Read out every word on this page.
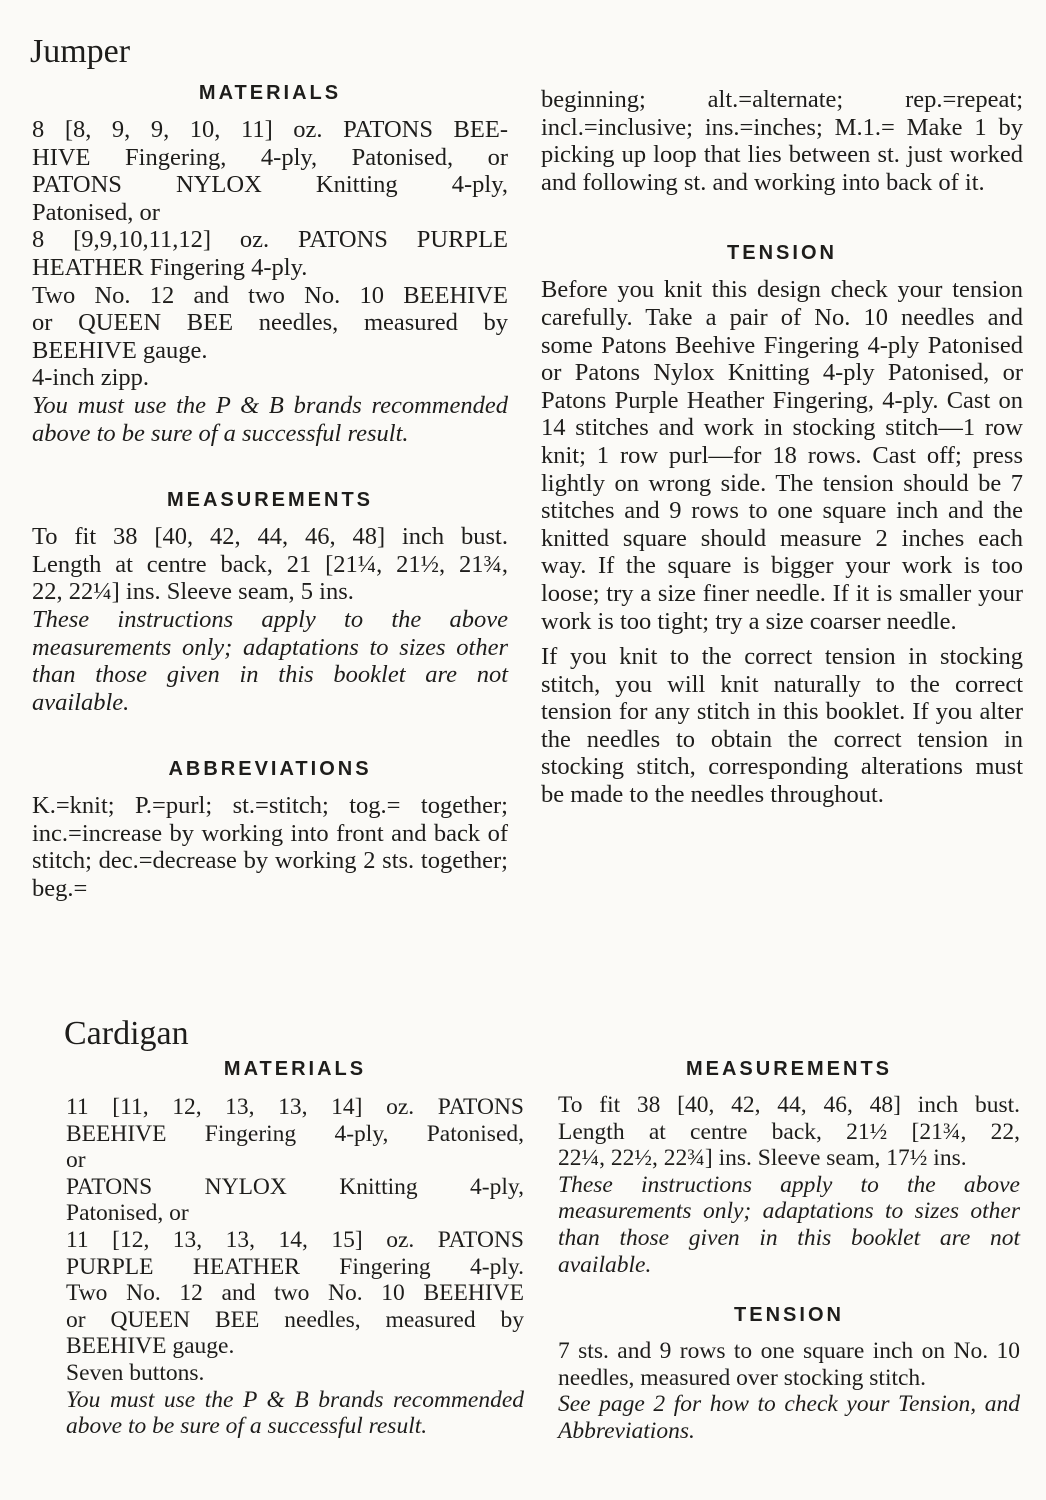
Jumper
MATERIALS
8 [8, 9, 9, 10, 11] oz. PATONS BEE-
HIVE Fingering, 4-ply, Patonised, or
PATONS NYLOX Knitting 4-ply,
Patonised, or
8 [9,9,10,11,12] oz. PATONS PURPLE
HEATHER Fingering 4-ply.
Two No. 12 and two No. 10 BEEHIVE
or QUEEN BEE needles, measured by
BEEHIVE gauge.
4-inch zipp.

You must use the P & B brands recommended above to be sure of a successful result.

MEASUREMENTS
To fit 38 [40, 42, 44, 46, 48] inch bust.
Length at centre back, 21 [21¼, 21½, 21¾,
22, 22¼] ins. Sleeve seam, 5 ins.

These instructions apply to the above measurements only; adaptations to sizes other than those given in this booklet are not available.

ABBREVIATIONS

K.=knit; P.=purl; st.=stitch; tog.= together; inc.=increase by working into front and back of stitch; dec.=decrease by working 2 sts. together; beg.=

beginning; alt.=alternate; rep.=repeat; incl.=inclusive; ins.=inches; M.1.= Make 1 by picking up loop that lies between st. just worked and following st. and working into back of it.

TENSION

Before you knit this design check your tension carefully. Take a pair of No. 10 needles and some Patons Beehive Fingering 4-ply Patonised or Patons Nylox Knitting 4-ply Patonised, or Patons Purple Heather Fingering, 4-ply. Cast on 14 stitches and work in stocking stitch—1 row knit; 1 row purl—for 18 rows. Cast off; press lightly on wrong side. The tension should be 7 stitches and 9 rows to one square inch and the knitted square should measure 2 inches each way. If the square is bigger your work is too loose; try a size finer needle. If it is smaller your work is too tight; try a size coarser needle.

If you knit to the correct tension in stocking stitch, you will knit naturally to the correct tension for any stitch in this booklet. If you alter the needles to obtain the correct tension in stocking stitch, corresponding alterations must be made to the needles throughout.

Cardigan
MATERIALS
11 [11, 12, 13, 13, 14] oz. PATONS
BEEHIVE Fingering 4-ply, Patonised,
or
PATONS NYLOX Knitting 4-ply,
Patonised, or
11 [12, 13, 13, 14, 15] oz. PATONS
PURPLE HEATHER Fingering 4-ply.
Two No. 12 and two No. 10 BEEHIVE
or QUEEN BEE needles, measured by
BEEHIVE gauge.
Seven buttons.

You must use the P & B brands recommended above to be sure of a successful result.

MEASUREMENTS
To fit 38 [40, 42, 44, 46, 48] inch bust.
Length at centre back, 21½ [21¾, 22,
22¼, 22½, 22¾] ins. Sleeve seam, 17½ ins.

These instructions apply to the above measurements only; adaptations to sizes other than those given in this booklet are not available.

TENSION

7 sts. and 9 rows to one square inch on No. 10 needles, measured over stocking stitch.

See page 2 for how to check your Tension, and Abbreviations.
